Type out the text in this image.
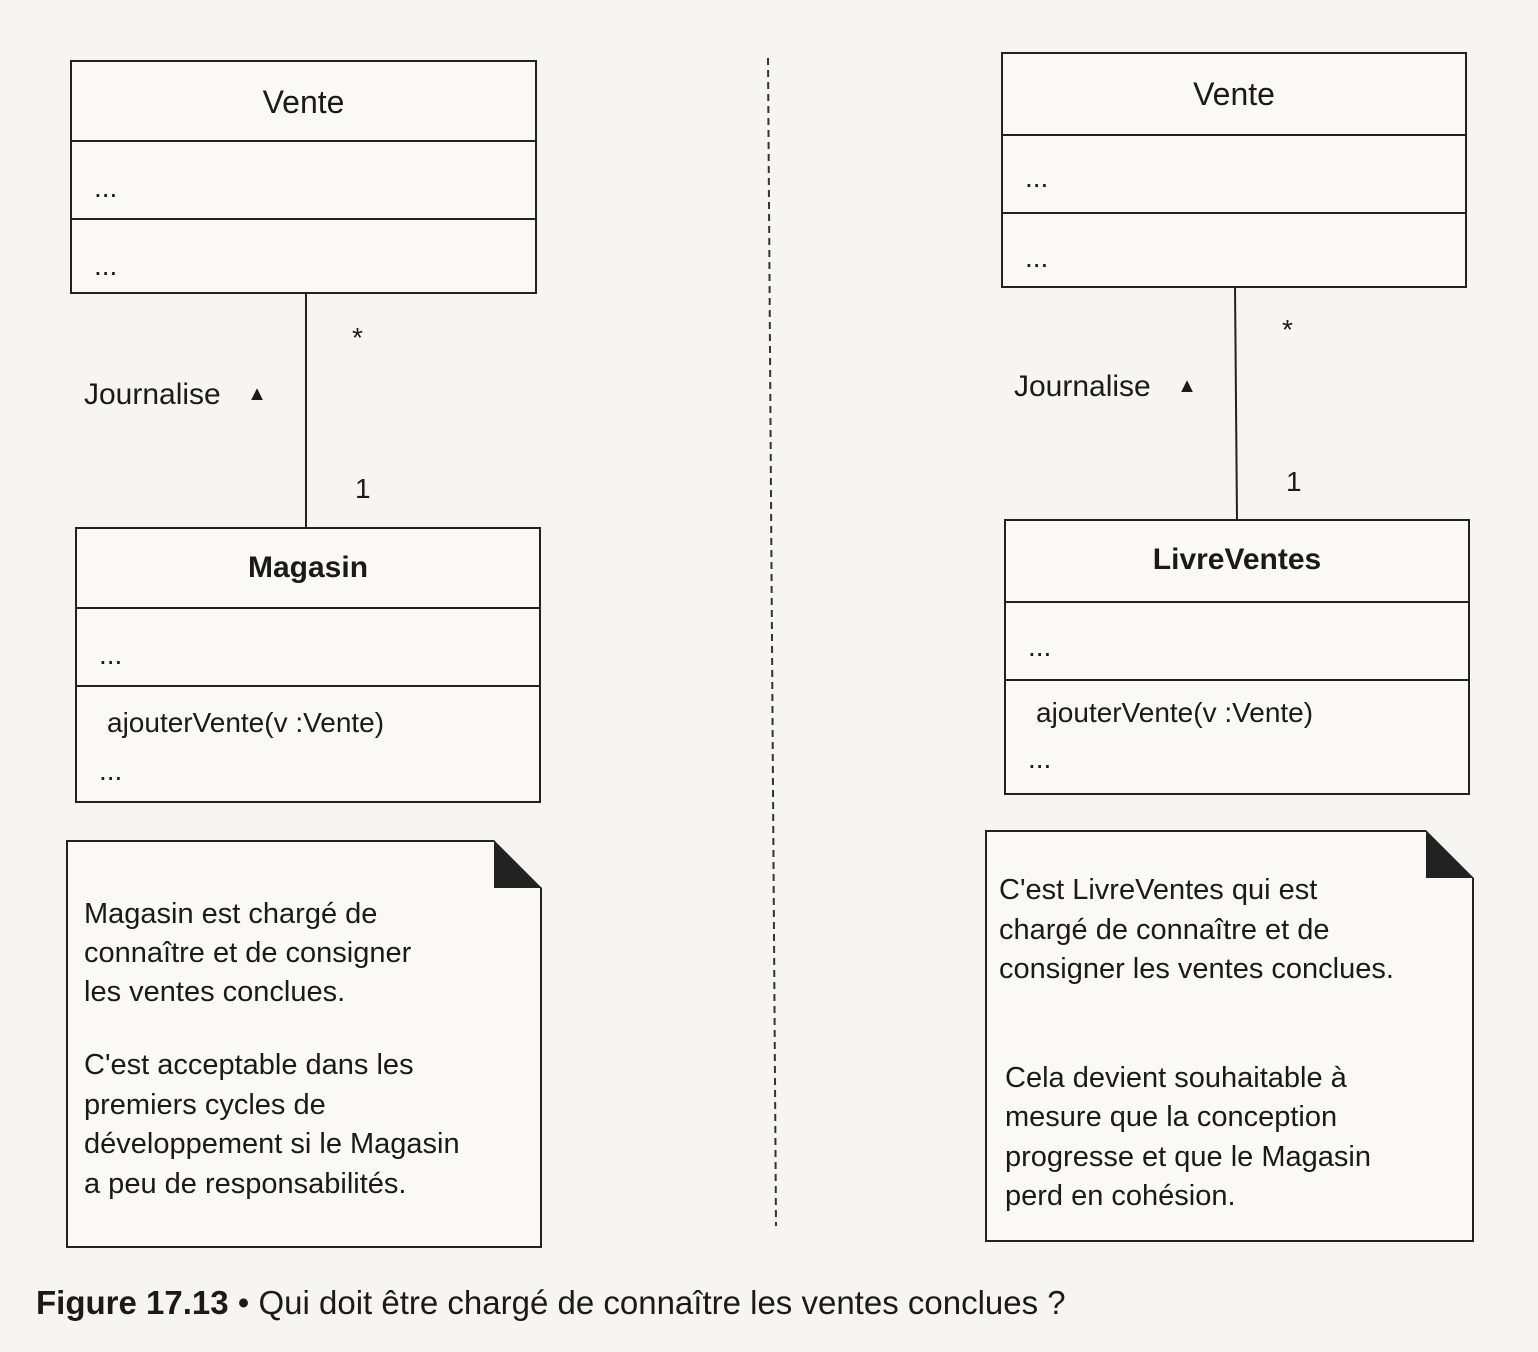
Vente
...
...
*
Journalise ▲
1
Magasin
...
ajouterVente(v :Vente)
...

Magasin est chargé de

connaître et de consigner

les ventes conclues.

C'est acceptable dans les

premiers cycles de

développement si le Magasin

a peu de responsabilités.

Vente
...
...
*
Journalise ▲
1
LivreVentes
...
ajouterVente(v :Vente)
...

C'est LivreVentes qui est

chargé de connaître et de

consigner les ventes conclues.

Cela devient souhaitable à

mesure que la conception

progresse et que le Magasin

perd en cohésion.

Figure 17.13 • Qui doit être chargé de connaître les ventes conclues ?
